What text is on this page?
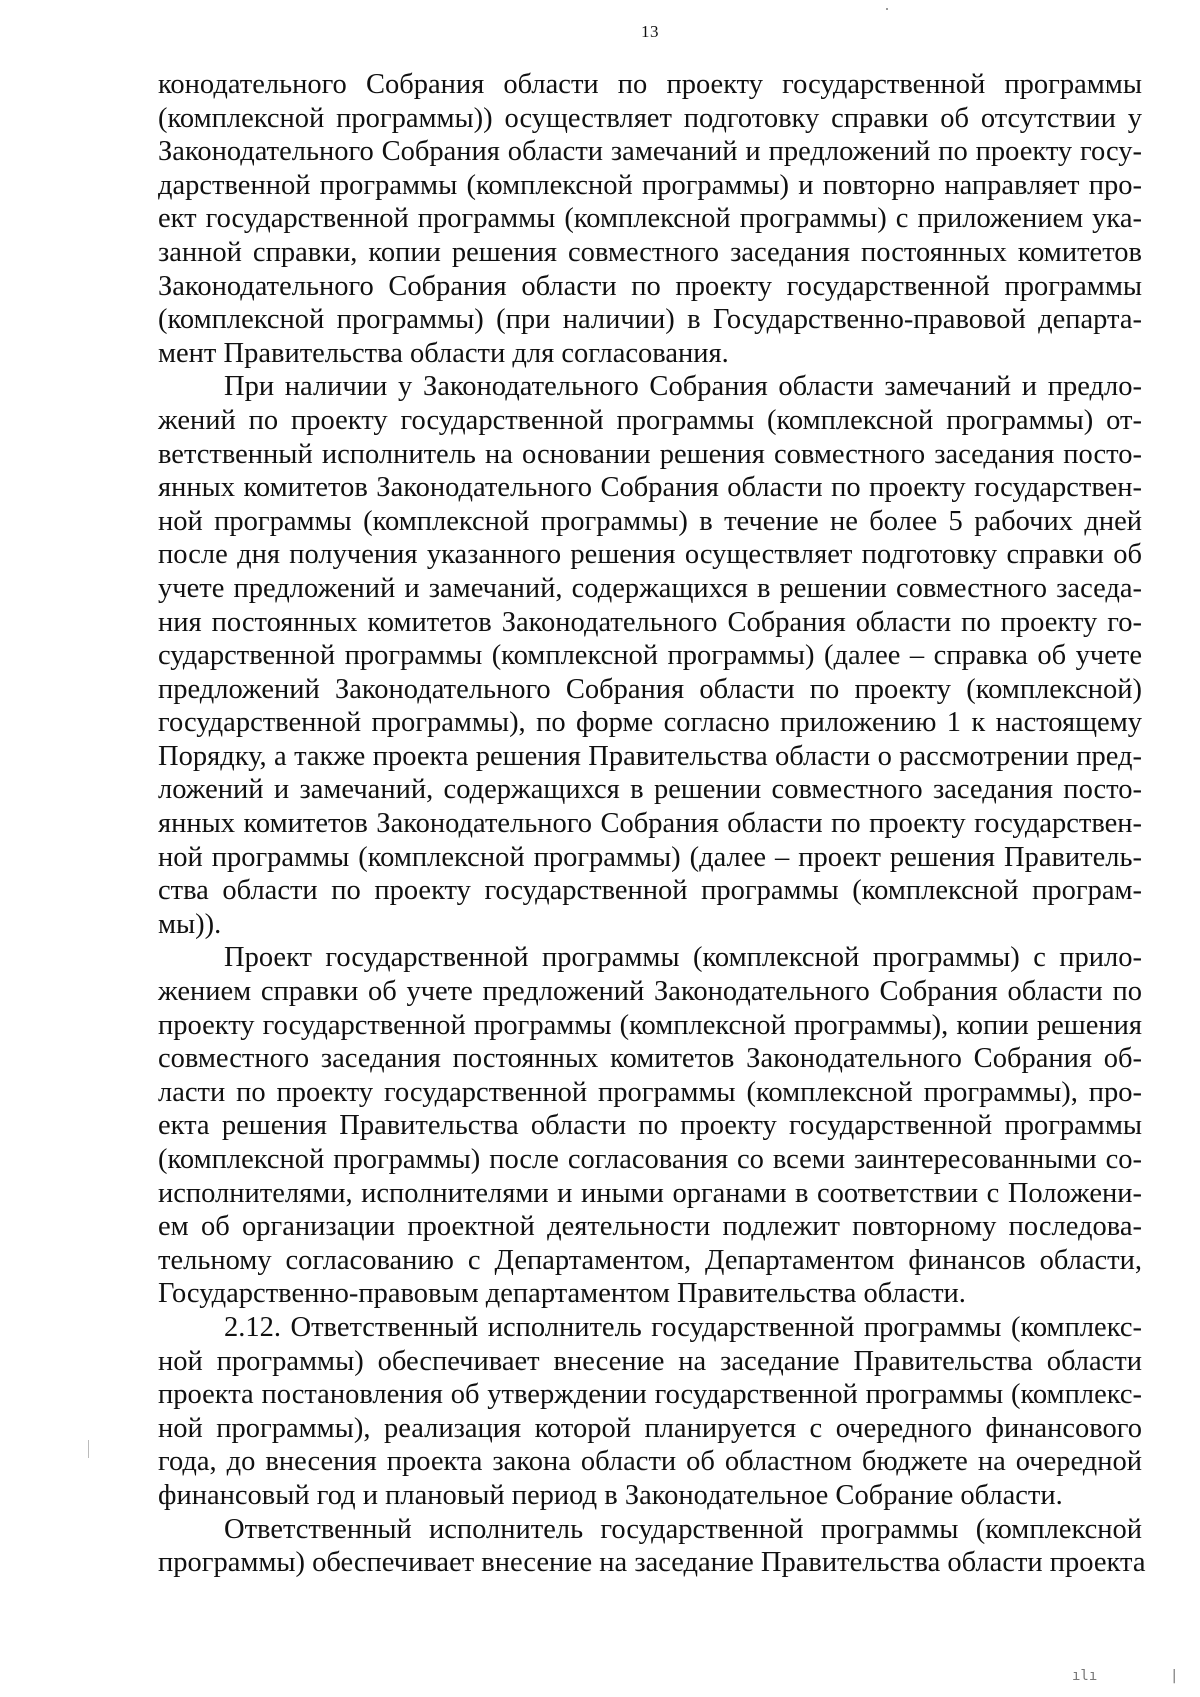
13

конодательного Собрания области по проекту государственной программы
(комплексной программы)) осуществляет подготовку справки об отсутствии у
Законодательного Собрания области замечаний и предложений по проекту госу-
дарственной программы (комплексной программы) и повторно направляет про-
ект государственной программы (комплексной программы) с приложением ука-
занной справки, копии решения совместного заседания постоянных комитетов
Законодательного Собрания области по проекту государственной программы
(комплексной программы) (при наличии) в Государственно-правовой департа-
мент Правительства области для согласования.

При наличии у Законодательного Собрания области замечаний и предло-
жений по проекту государственной программы (комплексной программы) от-
ветственный исполнитель на основании решения совместного заседания посто-
янных комитетов Законодательного Собрания области по проекту государствен-
ной программы (комплексной программы) в течение не более 5 рабочих дней
после дня получения указанного решения осуществляет подготовку справки об
учете предложений и замечаний, содержащихся в решении совместного заседа-
ния постоянных комитетов Законодательного Собрания области по проекту го-
сударственной программы (комплексной программы) (далее – справка об учете
предложений Законодательного Собрания области по проекту (комплексной)
государственной программы), по форме согласно приложению 1 к настоящему
Порядку, а также проекта решения Правительства области о рассмотрении пред-
ложений и замечаний, содержащихся в решении совместного заседания посто-
янных комитетов Законодательного Собрания области по проекту государствен-
ной программы (комплексной программы) (далее – проект решения Правитель-
ства области по проекту государственной программы (комплексной програм-
мы)).

Проект государственной программы (комплексной программы) с прило-
жением справки об учете предложений Законодательного Собрания области по
проекту государственной программы (комплексной программы), копии решения
совместного заседания постоянных комитетов Законодательного Собрания об-
ласти по проекту государственной программы (комплексной программы), про-
екта решения Правительства области по проекту государственной программы
(комплексной программы) после согласования со всеми заинтересованными со-
исполнителями, исполнителями и иными органами в соответствии с Положени-
ем об организации проектной деятельности подлежит повторному последова-
тельному согласованию с Департаментом, Департаментом финансов области,
Государственно-правовым департаментом Правительства области.

2.12. Ответственный исполнитель государственной программы (комплекс-
ной программы) обеспечивает внесение на заседание Правительства области
проекта постановления об утверждении государственной программы (комплекс-
ной программы), реализация которой планируется с очередного финансового
года, до внесения проекта закона области об областном бюджете на очередной
финансовый год и плановый период в Законодательное Собрание области.

Ответственный исполнитель государственной программы (комплексной
программы) обеспечивает внесение на заседание Правительства области проекта

ılı	|
